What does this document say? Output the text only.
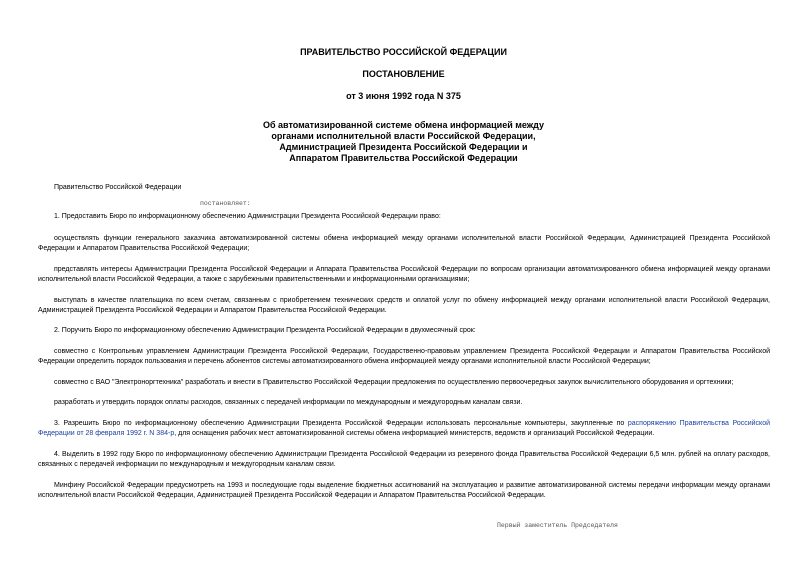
ПРАВИТЕЛЬСТВО РОССИЙСКОЙ ФЕДЕРАЦИИ
ПОСТАНОВЛЕНИЕ
от 3 июня 1992 года N 375
Об автоматизированной системе обмена информацией между
органами исполнительной власти Российской Федерации,
Администрацией Президента Российской Федерации и
Аппаратом Правительства Российской Федерации
Правительство Российской Федерации
постановляет:
1. Предоставить Бюро по информационному обеспечению Администрации Президента Российской Федерации право:
осуществлять функции генерального заказчика автоматизированной системы обмена информацией между органами исполнительной власти Российской Федерации, Администрацией Президента Российской Федерации и Аппаратом Правительства Российской Федерации;
представлять интересы Администрации Президента Российской Федерации и Аппарата Правительства Российской Федерации по вопросам организации автоматизированного обмена информацией между органами исполнительной власти Российской Федерации, а также с зарубежными правительственными и информационными организациями;
выступать в качестве плательщика по всем счетам, связанным с приобретением технических средств и оплатой услуг по обмену информацией между органами исполнительной власти Российской Федерации, Администрацией Президента Российской Федерации и Аппаратом Правительства Российской Федерации.
2. Поручить Бюро по информационному обеспечению Администрации Президента Российской Федерации в двухмесячный срок:
совместно с Контрольным управлением Администрации Президента Российской Федерации, Государственно-правовым управлением Президента Российской Федерации и Аппаратом Правительства Российской Федерации определить порядок пользования и перечень абонентов системы автоматизированного обмена информацией между органами исполнительной власти Российской Федерации;
совместно с ВАО "Электроноргтехника" разработать и внести в Правительство Российской Федерации предложения по осуществлению первоочередных закупок вычислительного оборудования и оргтехники;
разработать и утвердить порядок оплаты расходов, связанных с передачей информации по международным и междугородным каналам связи.
3. Разрешить Бюро по информационному обеспечению Администрации Президента Российской Федерации использовать персональные компьютеры, закупленные по распоряжению Правительства Российской Федерации от 28 февраля 1992 г. N 384-р, для оснащения рабочих мест автоматизированной системы обмена информацией министерств, ведомств и организаций Российской Федерации.
4. Выделить в 1992 году Бюро по информационному обеспечению Администрации Президента Российской Федерации из резервного фонда Правительства Российской Федерации 6,5 млн. рублей на оплату расходов, связанных с передачей информации по международным и междугородным каналам связи.
Минфину Российской Федерации предусмотреть на 1993 и последующие годы выделение бюджетных ассигнований на эксплуатацию и развитие автоматизированной системы передачи информации между органами исполнительной власти Российской Федерации, Администрацией Президента Российской Федерации и Аппаратом Правительства Российской Федерации.
Первый заместитель Председателя
